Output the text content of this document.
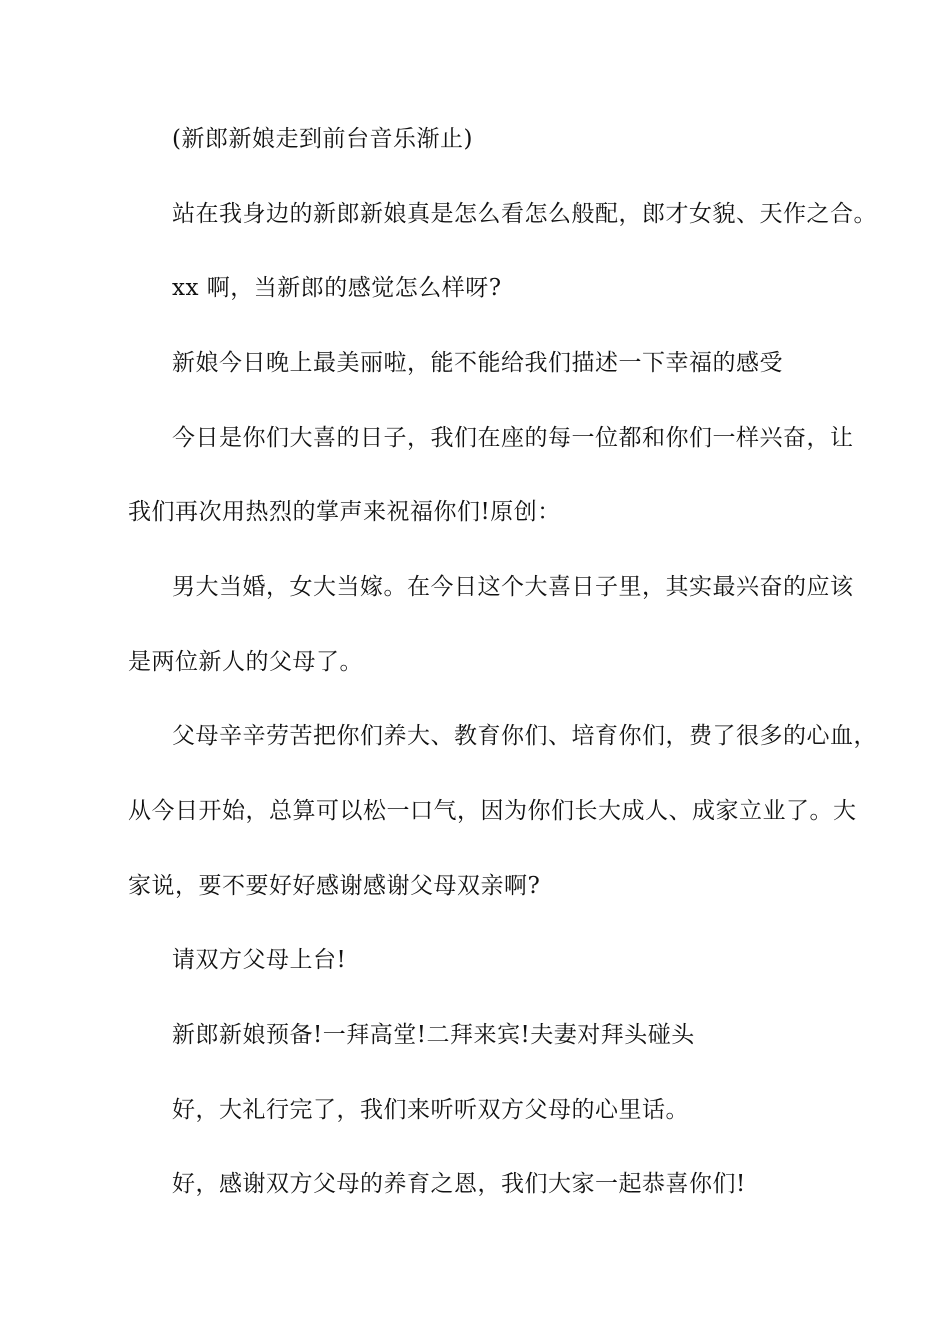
(新郎新娘走到前台音乐渐止)
站在我身边的新郎新娘真是怎么看怎么般配，郎才女貌、天作之合。
xx 啊，当新郎的感觉怎么样呀?
新娘今日晚上最美丽啦，能不能给我们描述一下幸福的感受
今日是你们大喜的日子，我们在座的每一位都和你们一样兴奋，让
我们再次用热烈的掌声来祝福你们!原创：
男大当婚，女大当嫁。在今日这个大喜日子里，其实最兴奋的应该
是两位新人的父母了。
父母辛辛劳苦把你们养大、教育你们、培育你们，费了很多的心血，
从今日开始，总算可以松一口气，因为你们长大成人、成家立业了。大
家说，要不要好好感谢感谢父母双亲啊?
请双方父母上台!
新郎新娘预备!一拜高堂!二拜来宾!夫妻对拜头碰头
好，大礼行完了，我们来听听双方父母的心里话。
好，感谢双方父母的养育之恩，我们大家一起恭喜你们!
